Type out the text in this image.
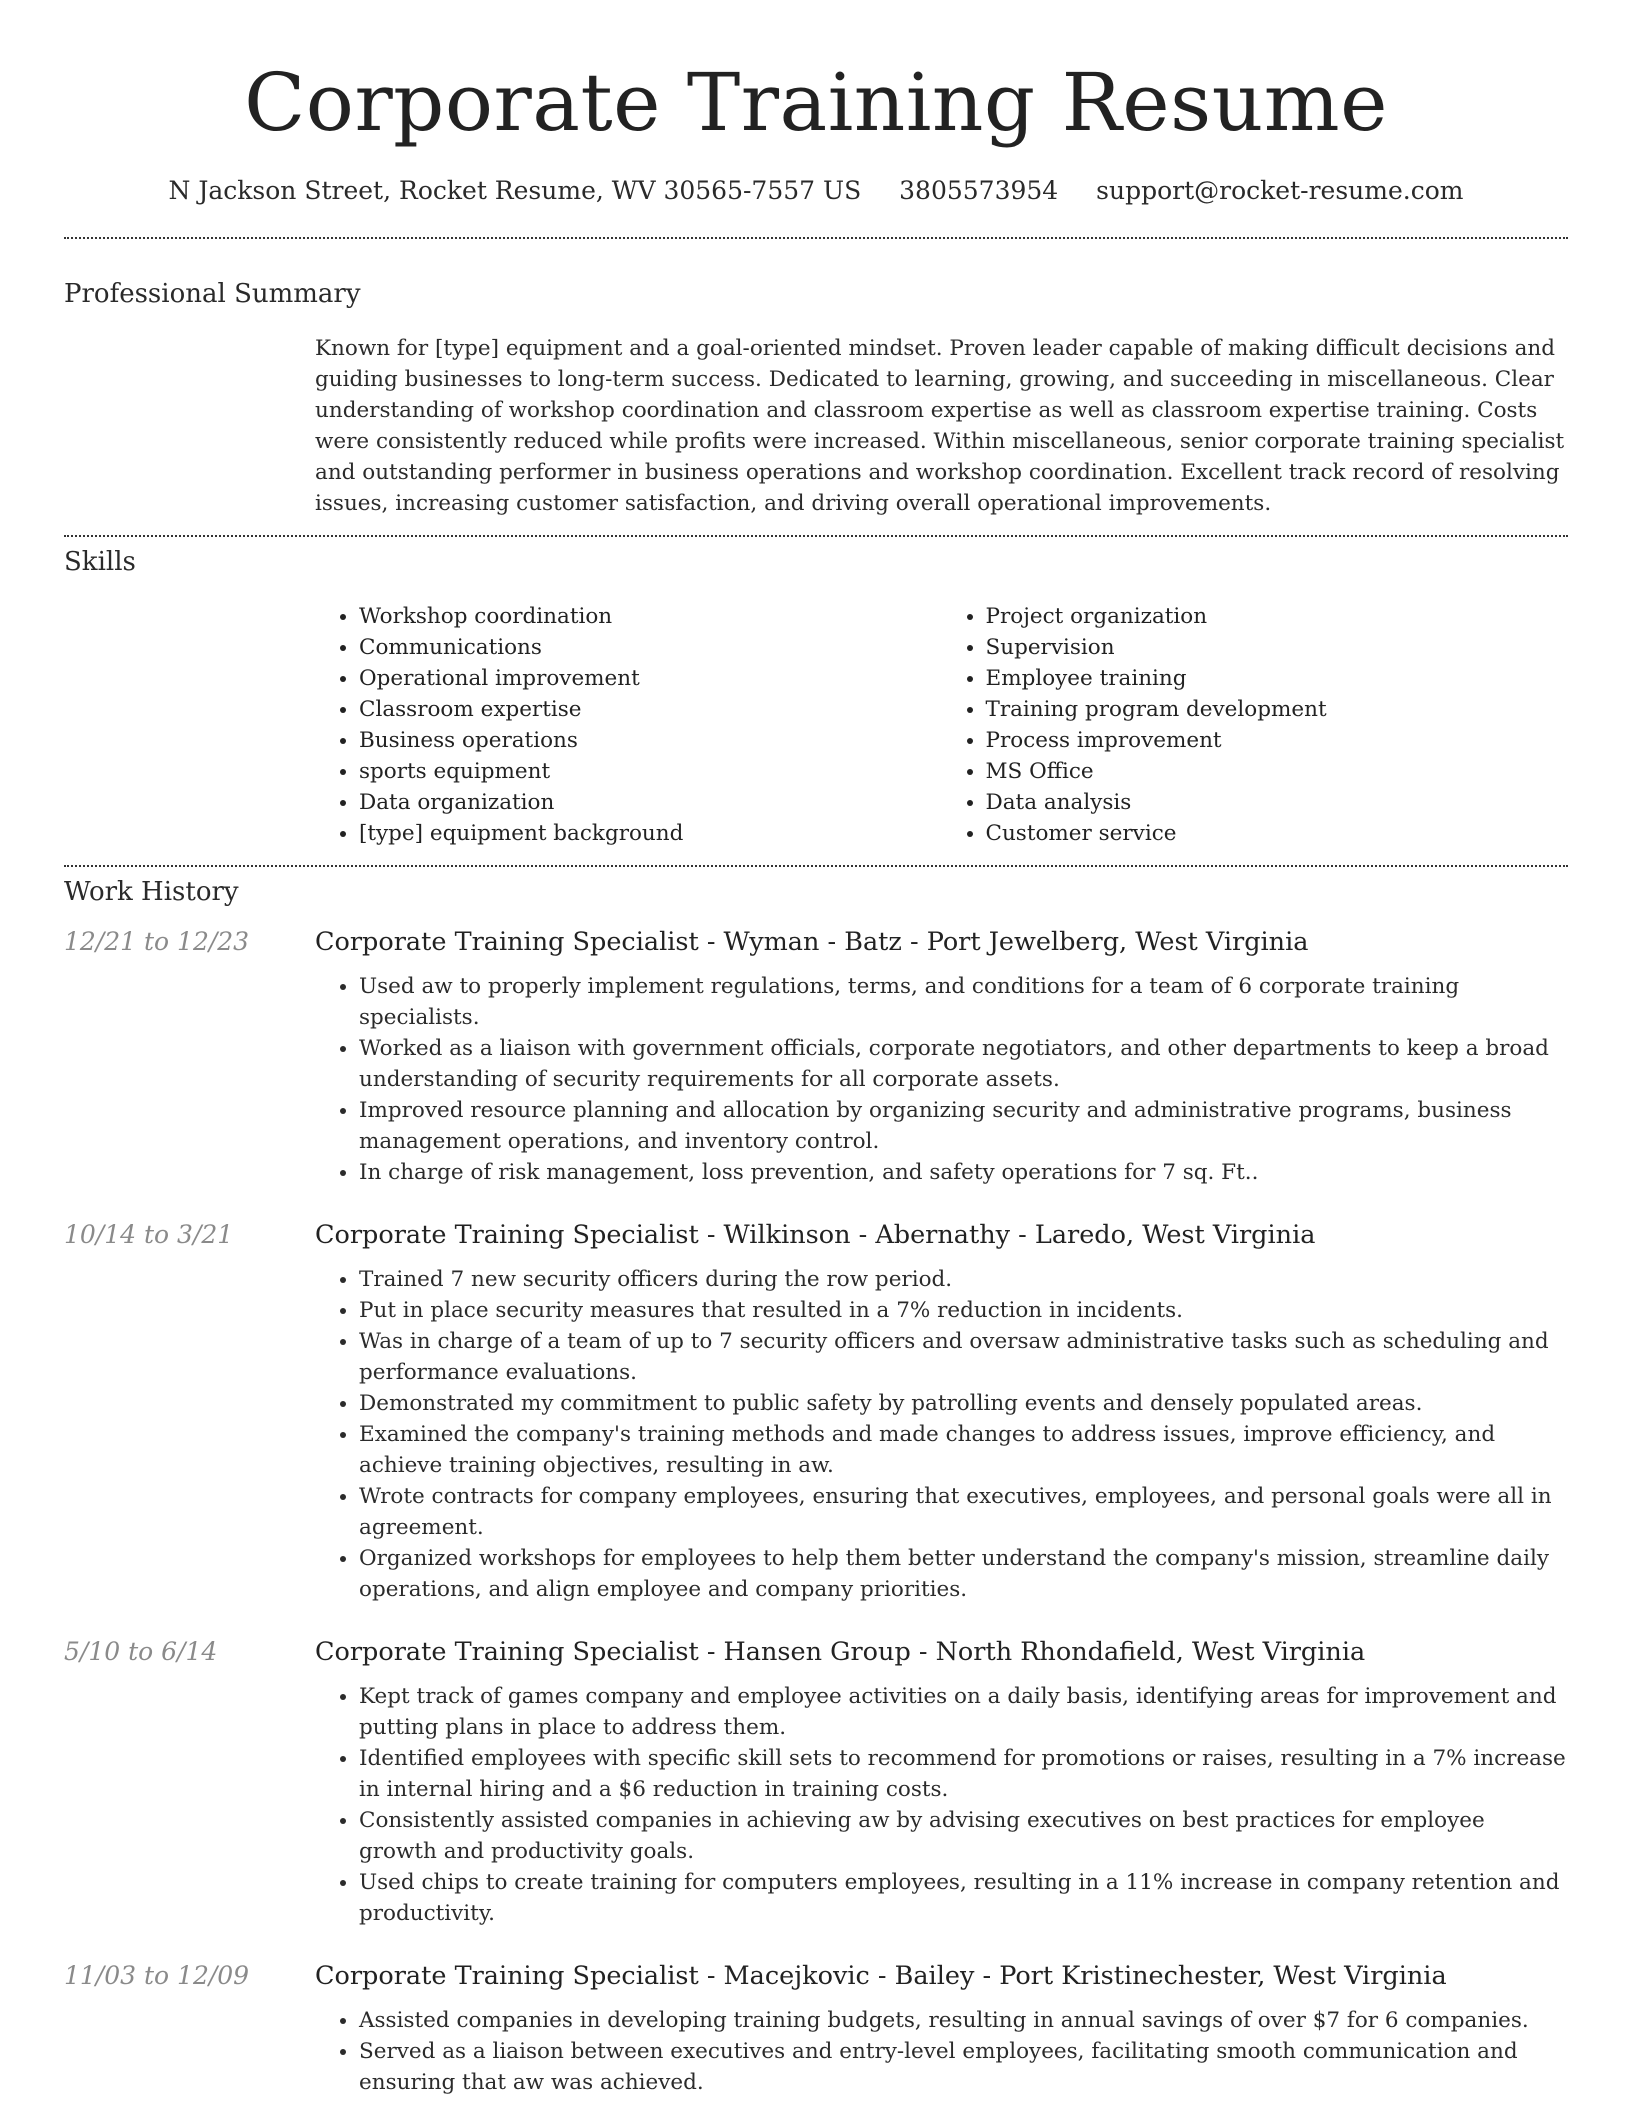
Corporate Training Resume
N Jackson Street, Rocket Resume, WV 30565-7557 US 3805573954 support@rocket-resume.com
Professional Summary

Known for [type] equipment and a goal-oriented mindset. Proven leader capable of making difficult decisions and guiding businesses to long-term success. Dedicated to learning, growing, and succeeding in miscellaneous. Clear understanding of workshop coordination and classroom expertise as well as classroom expertise training. Costs were consistently reduced while profits were increased. Within miscellaneous, senior corporate training specialist and outstanding performer in business operations and workshop coordination. Excellent track record of resolving issues, increasing customer satisfaction, and driving overall operational improvements.

Skills
• Workshop coordination
• Communications
• Operational improvement
• Classroom expertise
• Business operations
• sports equipment
• Data organization
• [type] equipment background
• Project organization
• Supervision
• Employee training
• Training program development
• Process improvement
• MS Office
• Data analysis
• Customer service
Work History
12/21 to 12/23	Corporate Training Specialist - Wyman - Batz - Port Jewelberg, West Virginia
• Used aw to properly implement regulations, terms, and conditions for a team of 6 corporate training specialists.
• Worked as a liaison with government officials, corporate negotiators, and other departments to keep a broad understanding of security requirements for all corporate assets.
• Improved resource planning and allocation by organizing security and administrative programs, business management operations, and inventory control.
• In charge of risk management, loss prevention, and safety operations for 7 sq. Ft..
10/14 to 3/21	Corporate Training Specialist - Wilkinson - Abernathy - Laredo, West Virginia
• Trained 7 new security officers during the row period.
• Put in place security measures that resulted in a 7% reduction in incidents.
• Was in charge of a team of up to 7 security officers and oversaw administrative tasks such as scheduling and performance evaluations.
• Demonstrated my commitment to public safety by patrolling events and densely populated areas.
• Examined the company's training methods and made changes to address issues, improve efficiency, and achieve training objectives, resulting in aw.
• Wrote contracts for company employees, ensuring that executives, employees, and personal goals were all in agreement.
• Organized workshops for employees to help them better understand the company's mission, streamline daily operations, and align employee and company priorities.
5/10 to 6/14	Corporate Training Specialist - Hansen Group - North Rhondafield, West Virginia
• Kept track of games company and employee activities on a daily basis, identifying areas for improvement and putting plans in place to address them.
• Identified employees with specific skill sets to recommend for promotions or raises, resulting in a 7% increase in internal hiring and a $6 reduction in training costs.
• Consistently assisted companies in achieving aw by advising executives on best practices for employee growth and productivity goals.
• Used chips to create training for computers employees, resulting in a 11% increase in company retention and productivity.
11/03 to 12/09	Corporate Training Specialist - Macejkovic - Bailey - Port Kristinechester, West Virginia
• Assisted companies in developing training budgets, resulting in annual savings of over $7 for 6 companies.
• Served as a liaison between executives and entry-level employees, facilitating smooth communication and ensuring that aw was achieved.
